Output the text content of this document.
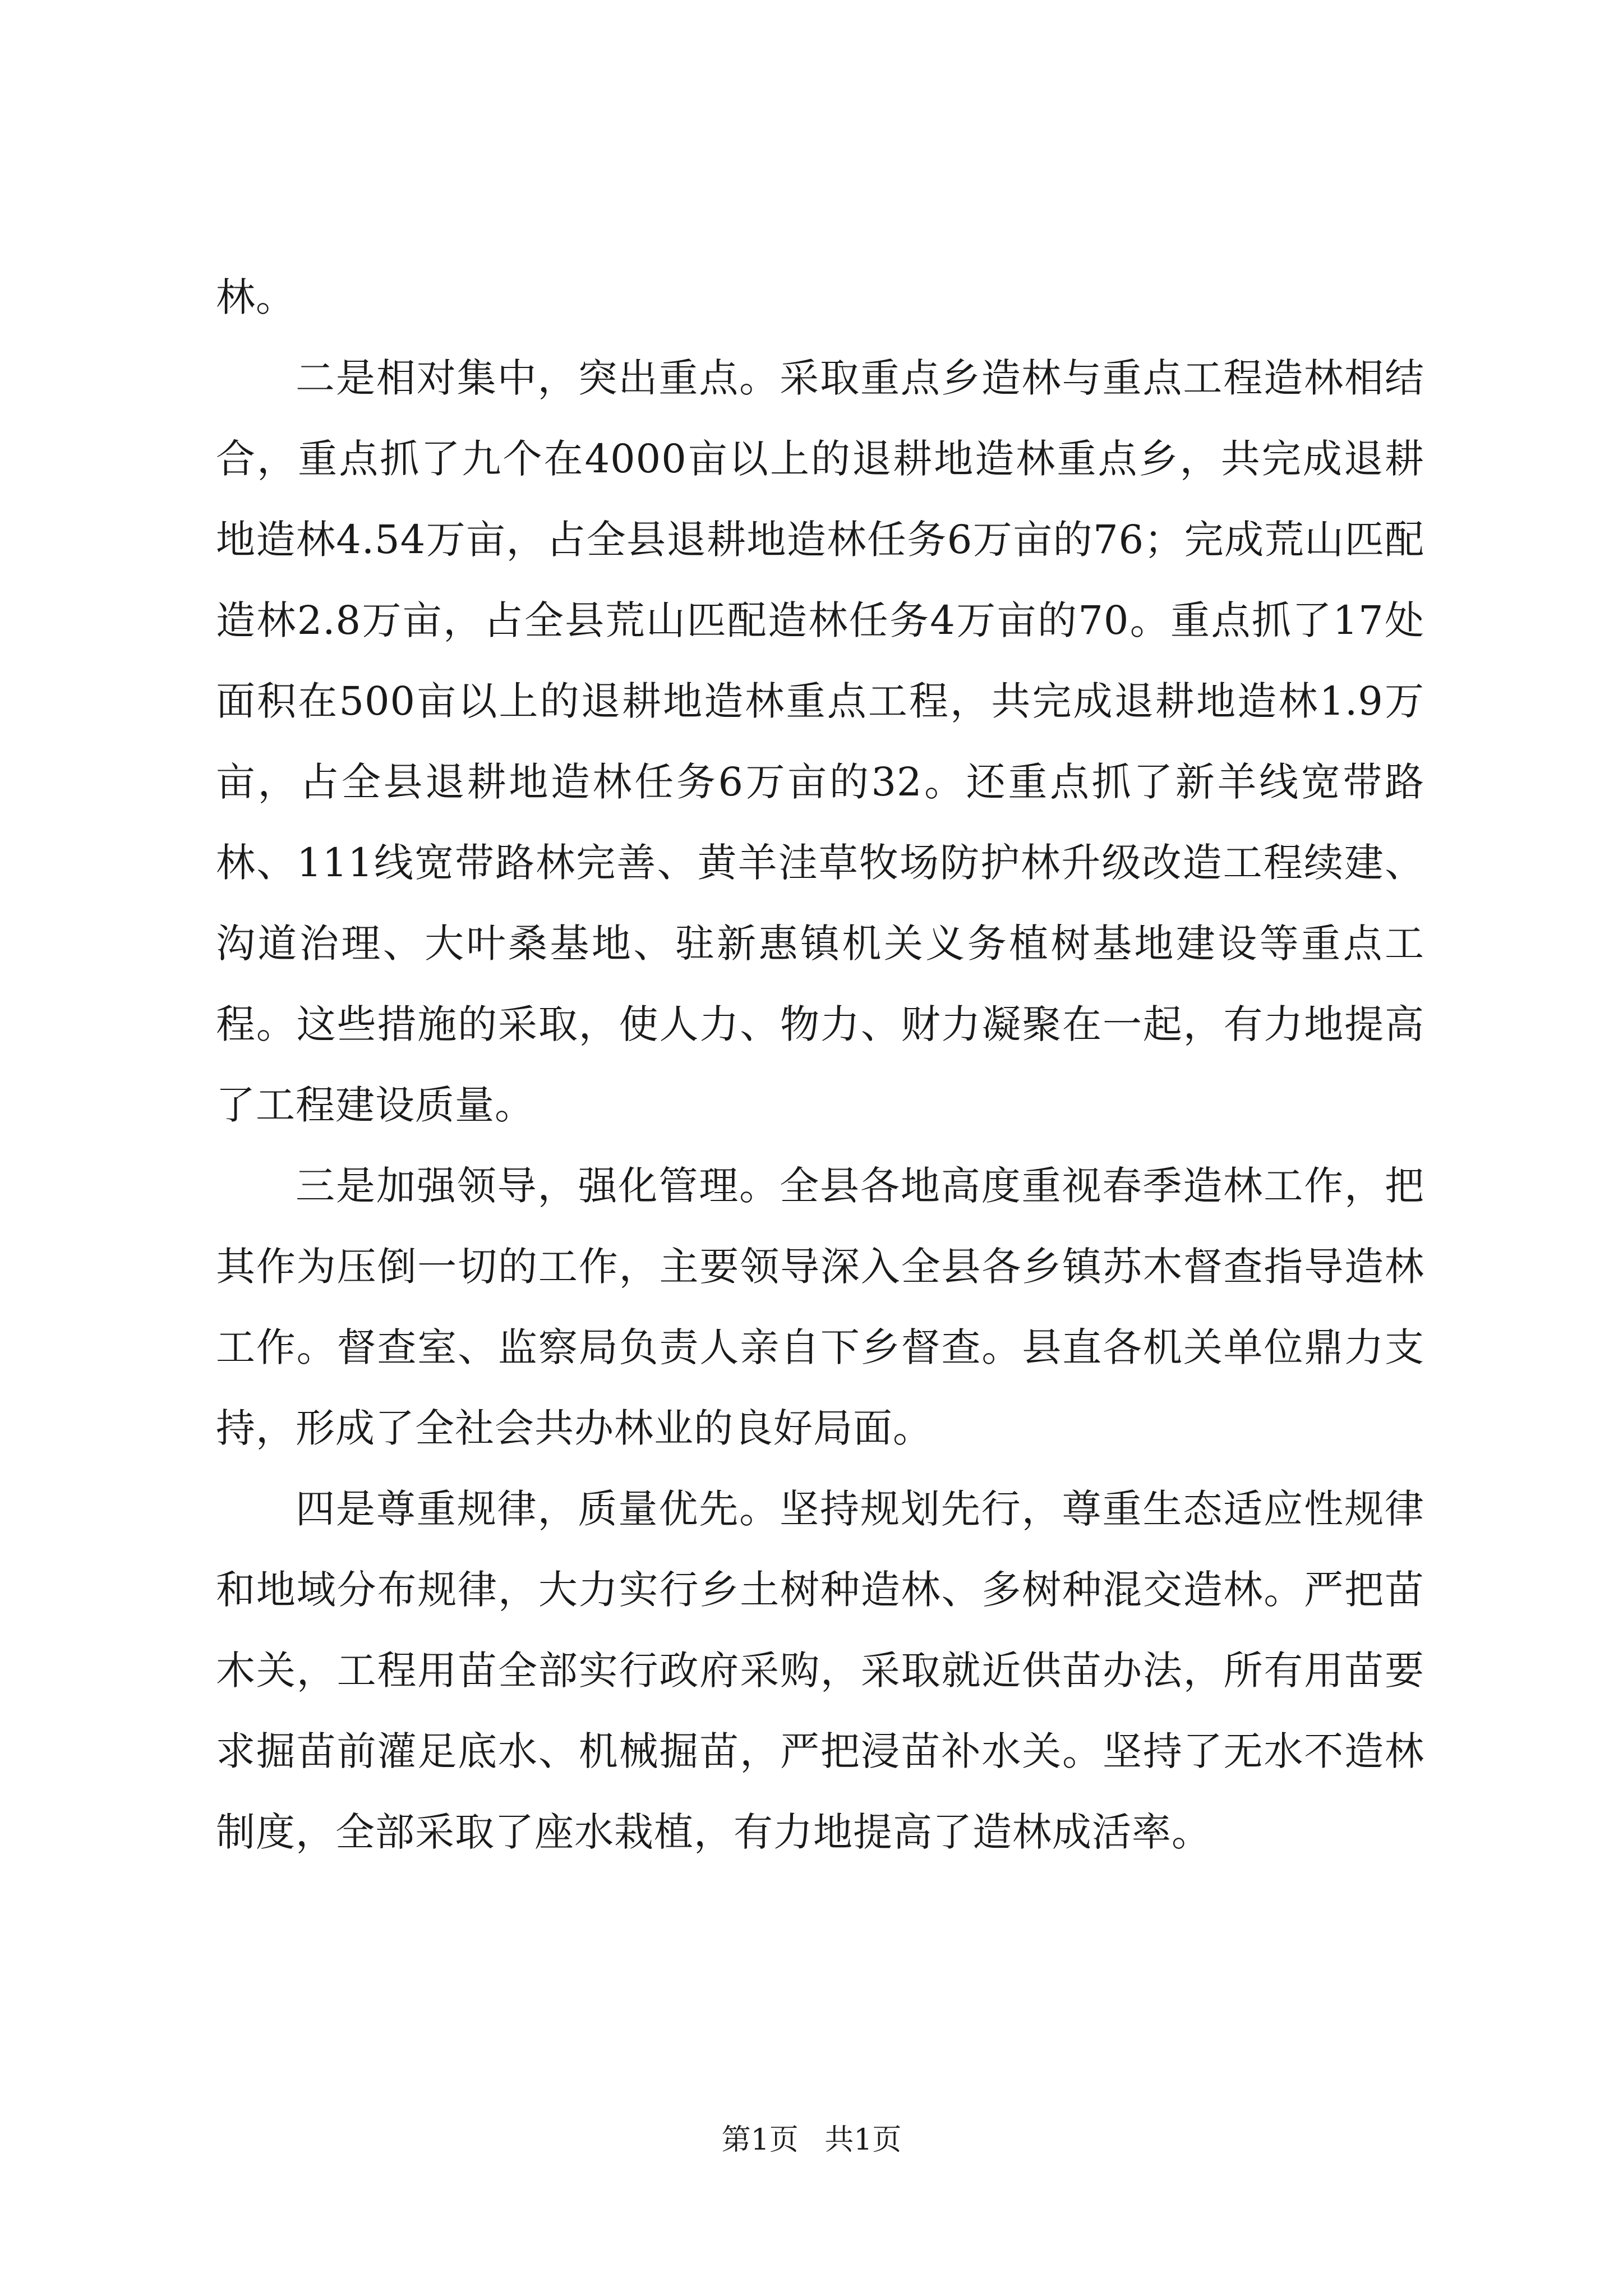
林。

二是相对集中，突出重点。采取重点乡造林与重点工程造林相结合，重点抓了九个在4000亩以上的退耕地造林重点乡，共完成退耕地造林4.54万亩，占全县退耕地造林任务6万亩的76；完成荒山匹配造林2.8万亩，占全县荒山匹配造林任务4万亩的70。重点抓了17处面积在500亩以上的退耕地造林重点工程，共完成退耕地造林1.9万亩，占全县退耕地造林任务6万亩的32。还重点抓了新羊线宽带路林、111线宽带路林完善、黄羊洼草牧场防护林升级改造工程续建、沟道治理、大叶桑基地、驻新惠镇机关义务植树基地建设等重点工程。这些措施的采取，使人力、物力、财力凝聚在一起，有力地提高了工程建设质量。

三是加强领导，强化管理。全县各地高度重视春季造林工作，把其作为压倒一切的工作，主要领导深入全县各乡镇苏木督查指导造林工作。督查室、监察局负责人亲自下乡督查。县直各机关单位鼎力支持，形成了全社会共办林业的良好局面。

四是尊重规律，质量优先。坚持规划先行，尊重生态适应性规律和地域分布规律，大力实行乡土树种造林、多树种混交造林。严把苗木关，工程用苗全部实行政府采购，采取就近供苗办法，所有用苗要求掘苗前灌足底水、机械掘苗，严把浸苗补水关。坚持了无水不造林制度，全部采取了座水栽植，有力地提高了造林成活率。

第1页 共1页
